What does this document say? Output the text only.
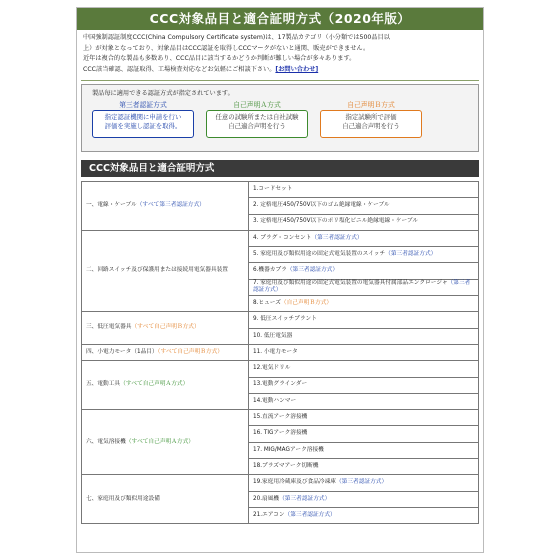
CCC対象品目と適合証明方式（2020年版）
中国強制認証制度CCC(China Compulsory Certificate system)は、17製品カテゴリ（小分類では500品目以
上）が対象となっており、対象品目はCCC認証を取得しCCCマークがないと通関、販売ができません。
近年は複合的な製品も多数あり、CCC品目に該当するかどうか判断が難しい場合が多々あります。
CCC該当確認、認証取得、工場検査対応などお気軽にご相談下さい。[お問い合わせ]
製品毎に適用できる認証方式が指定されています。
第三者認証方式
指定認証機関に申請を行い
評価を実施し認証を取得。
自己声明Ａ方式
任意の試験所または自社試験
自己適合声明を行う
自己声明Ｂ方式
指定試験所で評価
自己適合声明を行う
CCC対象品目と適合証明方式
一、電線・ケーブル（すべて第三者認証方式）	1.コードセット
	2. 定格電圧450/750V以下のゴム絶縁電線・ケーブル
	3. 定格電圧450/750V以下のポリ塩化ビニル絶縁電線・ケーブル
二、回路スイッチ及び保護用または接続用電気器具装置	4. プラグ・コンセント（第三者認証方式）
	5. 家庭用及び類似用途の固定式電気装置のスイッチ（第三者認証方式）
	6.機器カプラ（第三者認証方式）
	7. 家庭用及び類似用途の固定式電気装置の電気器具付属部品エンクロージャ（第三者認証方式）
	8.ヒューズ（自己声明Ｂ方式）
三、低圧電気器具（すべて自己声明Ｂ方式）	9. 低圧スイッチプラント
	10. 低圧電気器
四、小電力モータ（1品目）（すべて自己声明Ｂ方式）	11. 小電力モータ
五、電動工具（すべて自己声明Ａ方式）	12.電気ドリル
	13.電動グラインダー
	14.電動ハンマー
六、電気溶接機（すべて自己声明Ａ方式）	15.直流アーク溶接機
	16. TIGアーク溶接機
	17. MIG/MAGアーク溶接機
	18.プラズマアーク切断機
七、家庭用及び類似用途設備	19.家庭用冷蔵庫及び食品冷凍庫（第三者認証方式）
	20.扇風機（第三者認証方式）
	21.エアコン（第三者認証方式）
